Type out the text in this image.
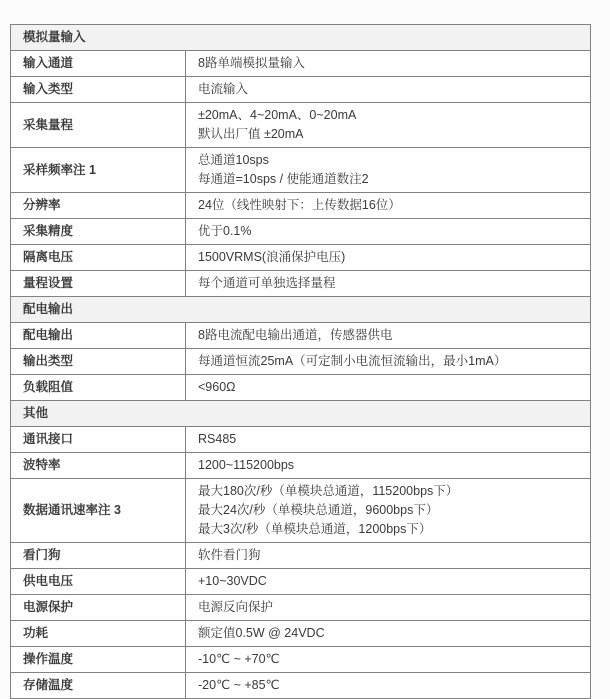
模拟量输入	
输入通道	8路单端模拟量输入

输入类型	电流输入

采集量程	±20mA、4~20mA、0~20mA
默认出厂值 ±20mA

采样频率注 1	总通道10sps
每通道=10sps / 使能通道数注2

分辨率	24位（线性映射下：上传数据16位）

采集精度	优于0.1%

隔离电压	1500VRMS(浪涌保护电压)

量程设置	每个通道可单独选择量程

配电输出	
配电输出	8路电流配电输出通道，传感器供电

输出类型	每通道恒流25mA（可定制小电流恒流输出，最小1mA）

负载阻值	<960Ω

其他	
通讯接口	RS485

波特率	1200~115200bps

数据通讯速率注 3	最大180次/秒（单模块总通道，115200bps下）
最大24次/秒（单模块总通道，9600bps下）
最大3次/秒（单模块总通道，1200bps下）

看门狗	软件看门狗

供电电压	+10~30VDC

电源保护	电源反向保护

功耗	额定值0.5W @ 24VDC

操作温度	-10℃ ~ +70℃

存储温度	-20℃ ~ +85℃
